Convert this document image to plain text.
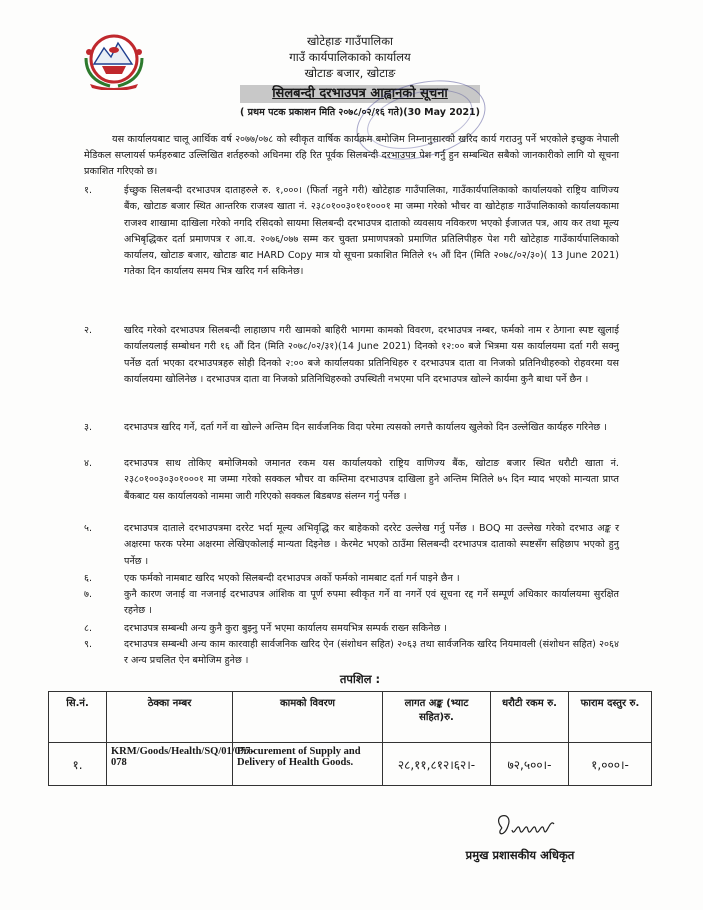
खोटेहाङ गाउँपालिका
गाउँ कार्यपालिकाको कार्यालय
खोटाङ बजार, खोटाङ
सिलबन्दी दरभाउपत्र आह्वानको सूचना
( प्रथम पटक प्रकाशन मिति २०७८/०२/१६ गते)(30 May 2021)
यस कार्यालयबाट चालू आर्थिक वर्ष २०७७/०७८ को स्वीकृत वार्षिक कार्यक्रम बमोजिम निम्नानुसारको खरिद कार्य गराउनु पर्ने भएकोले इच्छुक नेपाली मेडिकल सप्लायर्स फर्महरुबाट उल्लिखित शर्तहरुको अधिनमा रहि रित पूर्वक सिलबन्दी दरभाउपत्र पेश गर्नु हुन सम्बन्धित सबैको जानकारीको लागि यो सूचना प्रकाशित गरिएको छ।
१.	ईच्छुक सिलबन्दी दरभाउपत्र दाताहरुले रु. १,०००। (फिर्ता नहुने गरी) खोटेहाङ गाउँपालिका, गाउँकार्यपालिकाको कार्यालयको राष्ट्रिय वाणिज्य बैंक, खोटाङ बजार स्थित आन्तरिक राजश्व खाता नं. २३८०१००३०१०१०००१ मा जम्मा गरेको भौचर वा खोटेहाङ गाउँपालिकाको कार्यालयकामा राजश्व शाखामा दाखिला गरेको नगदि रसिदको सायमा सिलबन्दी दरभाउपत्र दाताको व्यवसाय नविकरण भएको ईजाजत पत्र, आय कर तथा मूल्य अभिबृद्धिकर दर्ता प्रमाणपत्र र आ.व. २०७६/०७७ सम्म कर चुक्ता प्रमाणपत्रको प्रमाणित प्रतिलिपीहरु पेश गरी खोटेहाङ गाउँकार्यपालिकाको कार्यालय, खोटाङ बजार, खोटाङ बाट HARD Copy मात्र यो सूचना प्रकाशित मितिले १५ औं दिन (मिति २०७८/०२/३०)( 13 June 2021) गतेका दिन कार्यालय समय भित्र खरिद गर्न सकिनेछ।
२.	खरिद गरेको दरभाउपत्र सिलबन्दी लाहाछाप गरी खामको बाहिरी भागमा कामको विवरण, दरभाउपत्र नम्बर, फर्मको नाम र ठेगाना स्पष्ट खुलाई कार्यालयलाई सम्बोधन गरी १६ औं दिन (मिति २०७८/०२/३१)(14 June 2021) दिनको १२:०० बजे भित्रमा यस कार्यालयमा दर्ता गरी सक्नु पर्नेछ दर्ता भएका दरभाउपत्रहरु सोही दिनको २:०० बजे कार्यालयका प्रतिनिधिहरु र दरभाउपत्र दाता वा निजको प्रतिनिधीहरुको रोहवरमा यस कार्यालयमा खोलिनेछ । दरभाउपत्र दाता वा निजको प्रतिनिधिहरुको उपस्थिती नभएमा पनि दरभाउपत्र खोल्ने कार्यमा कुनै बाधा पर्ने छैन ।
३.	दरभाउपत्र खरिद गर्ने, दर्ता गर्ने वा खोल्ने अन्तिम दिन सार्वजनिक विदा परेमा त्यसको लगत्तै कार्यालय खुलेको दिन उल्लेखित कार्यहरु गरिनेछ ।
४.	दरभाउपत्र साथ तोकिए बमोजिमको जमानत रकम यस कार्यालयको राष्ट्रिय वाणिज्य बैंक, खोटाङ बजार स्थित धरौटी खाता नं. २३८०१००३०३०१०००१ मा जम्मा गरेको सक्कल भौचर वा कम्तिमा दरभाउपत्र दाखिला हुने अन्तिम मितिले ७५ दिन म्याद भएको मान्यता प्राप्त बैंकबाट यस कार्यालयको नाममा जारी गरिएको सक्कल बिडबण्ड संलग्न गर्नु पर्नेछ ।
५.	दरभाउपत्र दाताले दरभाउपत्रमा दररेट भर्दा मूल्य अभिवृद्धि कर बाहेकको दररेट उल्लेख गर्नु पर्नेछ । BOQ मा उल्लेख गरेको दरभाउ अङ्क र अक्षरमा फरक परेमा अक्षरमा लेखिएकोलाई मान्यता दिइनेछ । केरमेट भएको ठाउँमा सिलबन्दी दरभाउपत्र दाताको स्पष्टसँग सहिछाप भएको हुनु पर्नेछ ।
६.	एक फर्मको नामबाट खरिद भएको सिलबन्दी दरभाउपत्र अर्को फर्मको नामबाट दर्ता गर्न पाइने छैन ।
७.	कुनै कारण जनाई वा नजनाई दरभाउपत्र आंशिक वा पूर्ण रुपमा स्वीकृत गर्ने वा नगर्ने एवं सूचना रद्द गर्ने सम्पूर्ण अधिकार कार्यालयमा सुरक्षित रहनेछ ।
८.	दरभाउपत्र सम्बन्धी अन्य कुनै कुरा बुझ्नु पर्ने भएमा कार्यालय समयभित्र सम्पर्क राख्न सकिनेछ ।
९.	दरभाउपत्र सम्बन्धी अन्य काम कारवाही सार्वजनिक खरिद ऐन (संशोधन सहित) २०६३ तथा सार्वजनिक खरिद नियमावली (संशोधन सहित) २०६४ र अन्य प्रचलित ऐन बमोजिम हुनेछ ।
तपशिल :
सि.नं.	ठेक्का नम्बर	कामको विवरण	लागत अङ्क (भ्याट सहित)रु.	धरौटी रकम रु.	फाराम दस्तुर रु.
१.	KRM/Goods/Health/SQ/01/077-078	Procurement of Supply and Delivery of Health Goods.	२८,११,८१२।६२।-	७२,५००।-	१,०००।-
प्रमुख प्रशासकीय अधिकृत
